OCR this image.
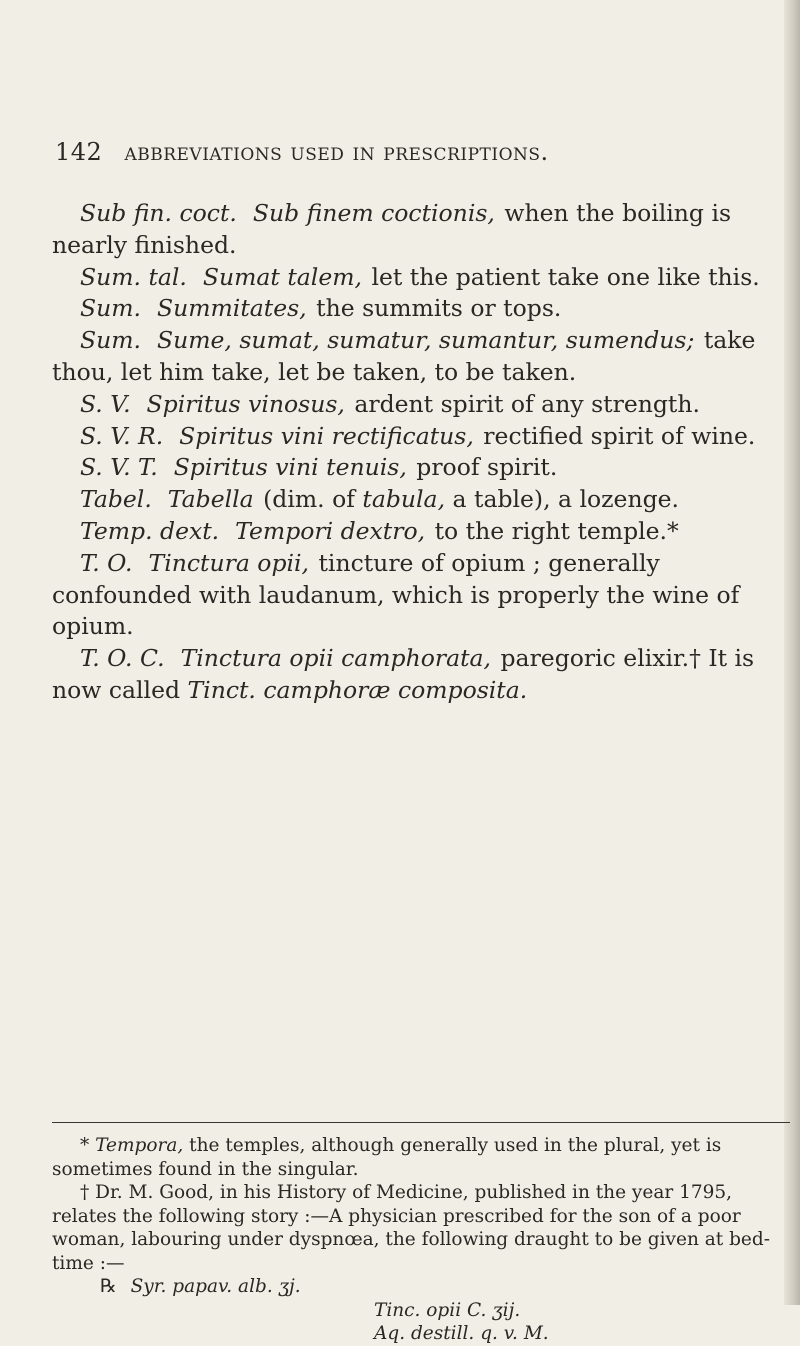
142 abbreviations used in prescriptions.

Sub fin. coct. Sub finem coctionis, when the boiling is nearly finished.

Sum. tal. Sumat talem, let the patient take one like this.

Sum. Summitates, the summits or tops.

Sum. Sume, sumat, sumatur, sumantur, sumendus; take thou, let him take, let be taken, to be taken.

S. V. Spiritus vinosus, ardent spirit of any strength.

S. V. R. Spiritus vini rectificatus, rectified spirit of wine.

S. V. T. Spiritus vini tenuis, proof spirit.

Tabel. Tabella (dim. of tabula, a table), a lozenge.

Temp. dext. Tempori dextro, to the right temple.*

T. O. Tinctura opii, tincture of opium ; generally confounded with laudanum, which is properly the wine of opium.

T. O. C. Tinctura opii camphorata, paregoric elixir.† It is now called Tinct. camphoræ composita.

* Tempora, the temples, although generally used in the plural, yet is sometimes found in the singular.

† Dr. M. Good, in his History of Medicine, published in the year 1795, relates the following story :—A physician prescribed for the son of a poor woman, labouring under dyspnœa, the following draught to be given at bed-time :—

℞ Syr. papav. alb. ʒj.

Tinc. opii C. ʒij.

Aq. destill. q. v. M.
